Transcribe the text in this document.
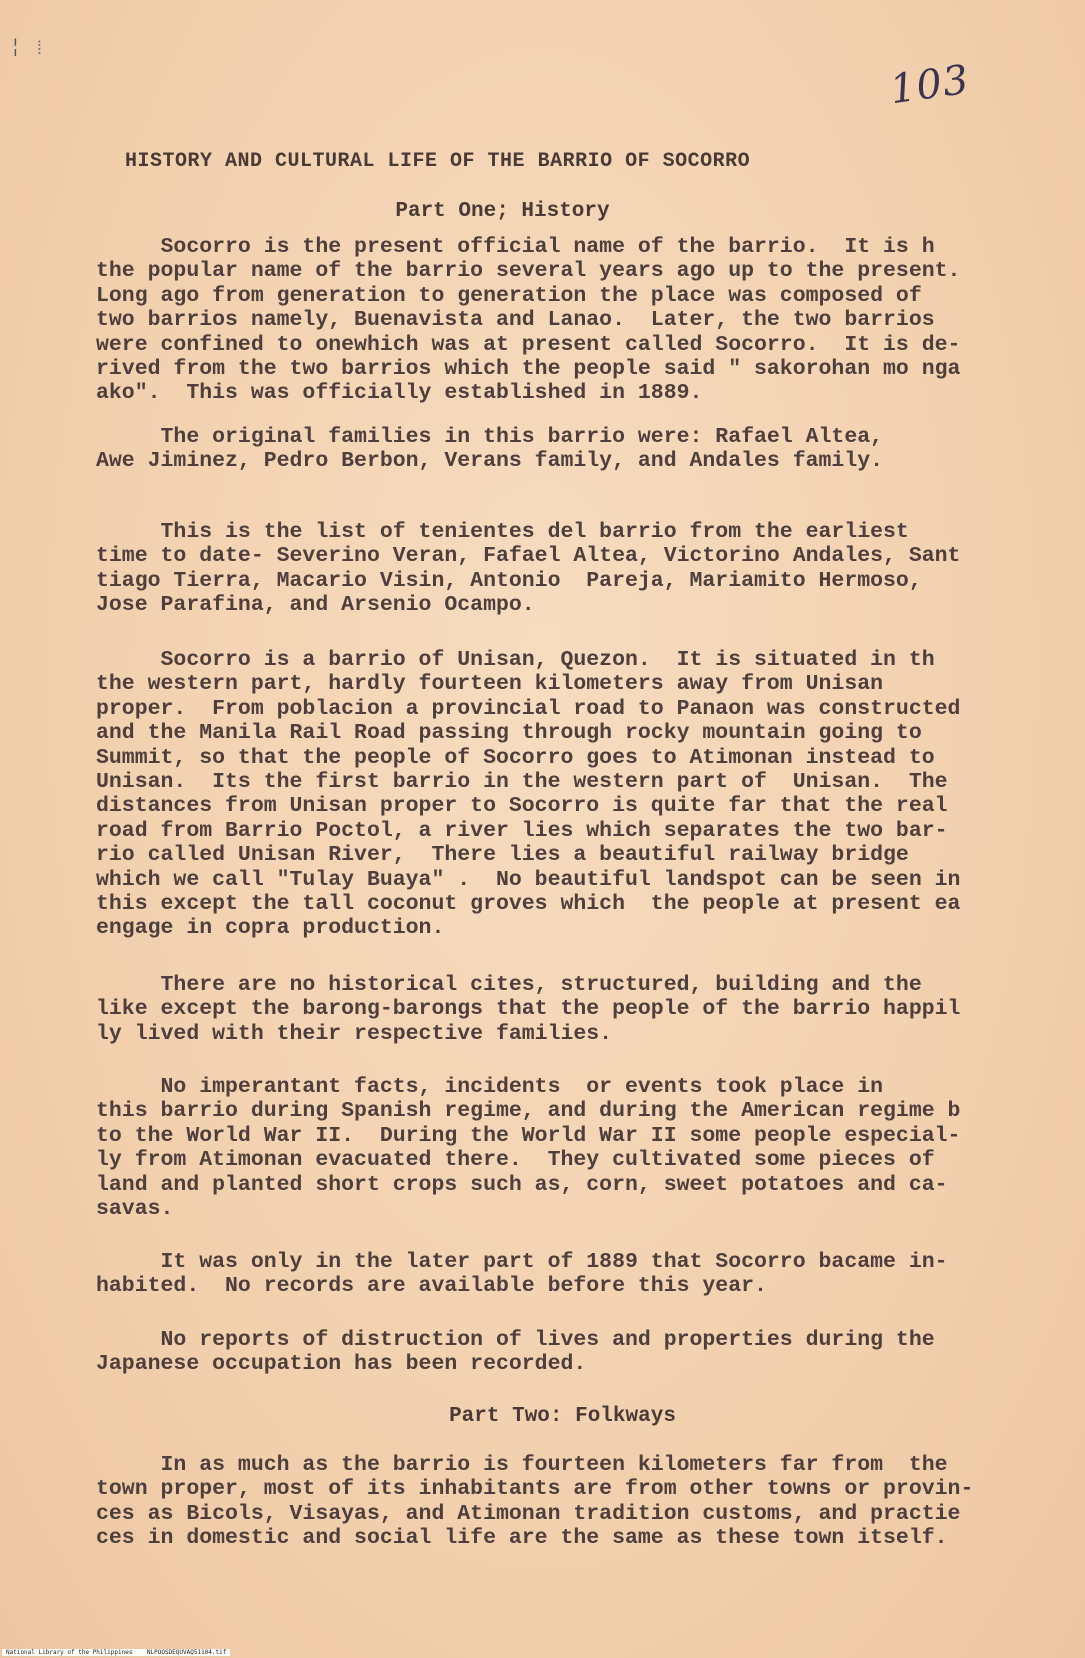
¦ ⁞
103
HISTORY AND CULTURAL LIFE OF THE BARRIO OF SOCORRO
Part One; History
Socorro is the present official name of the barrio.  It is h
the popular name of the barrio several years ago up to the present.
Long ago from generation to generation the place was composed of
two barrios namely, Buenavista and Lanao.  Later, the two barrios
were confined to onewhich was at present called Socorro.  It is de-
rived from the two barrios which the people said " sakorohan mo nga
ako".  This was officially established in 1889.
The original families in this barrio were: Rafael Altea,
Awe Jiminez, Pedro Berbon, Verans family, and Andales family.
This is the list of tenientes del barrio from the earliest
time to date- Severino Veran, Fafael Altea, Victorino Andales, Sant
tiago Tierra, Macario Visin, Antonio  Pareja, Mariamito Hermoso,
Jose Parafina, and Arsenio Ocampo.
Socorro is a barrio of Unisan, Quezon.  It is situated in th
the western part, hardly fourteen kilometers away from Unisan
proper.  From poblacion a provincial road to Panaon was constructed
and the Manila Rail Road passing through rocky mountain going to
Summit, so that the people of Socorro goes to Atimonan instead to
Unisan.  Its the first barrio in the western part of  Unisan.  The
distances from Unisan proper to Socorro is quite far that the real
road from Barrio Poctol, a river lies which separates the two bar-
rio called Unisan River,  There lies a beautiful railway bridge
which we call "Tulay Buaya" .  No beautiful landspot can be seen in
this except the tall coconut groves which  the people at present ea
engage in copra production.
There are no historical cites, structured, building and the
like except the barong-barongs that the people of the barrio happil
ly lived with their respective families.
No imperantant facts, incidents  or events took place in
this barrio during Spanish regime, and during the American regime b
to the World War II.  During the World War II some people especial-
ly from Atimonan evacuated there.  They cultivated some pieces of
land and planted short crops such as, corn, sweet potatoes and ca-
savas.
It was only in the later part of 1889 that Socorro bacame in-
habited.  No records are available before this year.
No reports of distruction of lives and properties during the
Japanese occupation has been recorded.
Part Two: Folkways
In as much as the barrio is fourteen kilometers far from  the
town proper, most of its inhabitants are from other towns or provin-
ces as Bicols, Visayas, and Atimonan tradition customs, and practie
ces in domestic and social life are the same as these town itself.
National Library of the Philippines    NLPOOSDEQUVAQ51104.tif
